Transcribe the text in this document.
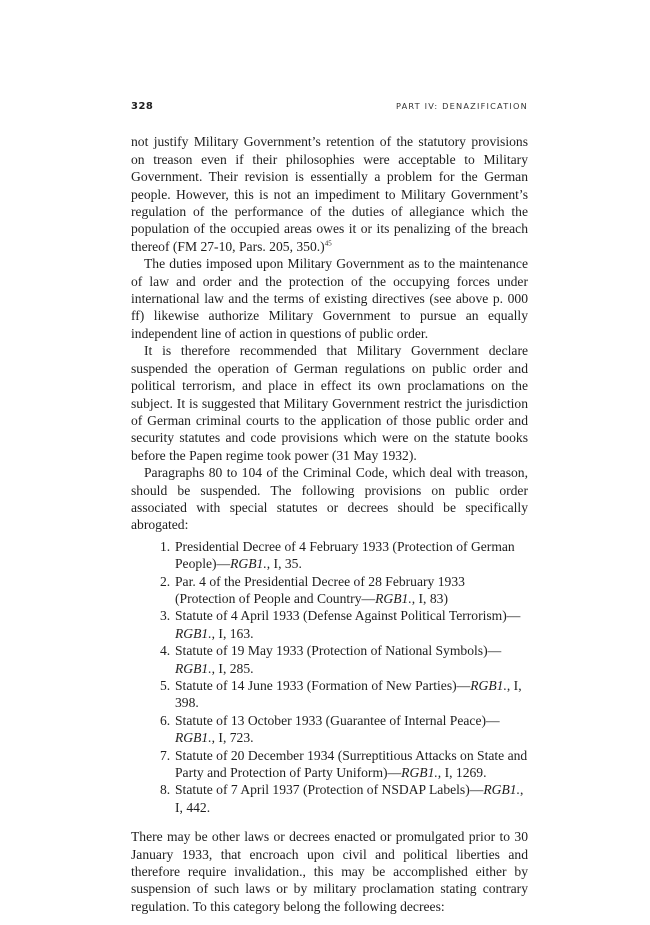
328	PART IV: DENAZIFICATION

not justify Military Government’s retention of the statutory provisions on treason even if their philosophies were acceptable to Military Government. Their revision is essentially a problem for the German people. However, this is not an impediment to Military Government’s regulation of the performance of the duties of allegiance which the population of the occupied areas owes it or its penalizing of the breach thereof (FM 27-10, Pars. 205, 350.)$^{45}$

The duties imposed upon Military Government as to the maintenance of law and order and the protection of the occupying forces under international law and the terms of existing directives (see above p. 000 ff) likewise authorize Military Government to pursue an equally independent line of action in questions of public order.

It is therefore recommended that Military Government declare suspended the operation of German regulations on public order and political terrorism, and place in effect its own proclamations on the subject. It is suggested that Military Government restrict the jurisdiction of German criminal courts to the application of those public order and security statutes and code provisions which were on the statute books before the Papen regime took power (31 May 1932).

Paragraphs 80 to 104 of the Criminal Code, which deal with treason, should be suspended. The following provisions on public order associated with special statutes or decrees should be specifically abrogated:

1. Presidential Decree of 4 February 1933 (Protection of German People)—RGB1., I, 35.
2. Par. 4 of the Presidential Decree of 28 February 1933 (Protection of People and Country—RGB1., I, 83)
3. Statute of 4 April 1933 (Defense Against Political Terrorism)— RGB1., I, 163.
4. Statute of 19 May 1933 (Protection of National Symbols)— RGB1., I, 285.
5. Statute of 14 June 1933 (Formation of New Parties)—RGB1., I, 398.
6. Statute of 13 October 1933 (Guarantee of Internal Peace)— RGB1., I, 723.
7. Statute of 20 December 1934 (Surreptitious Attacks on State and Party and Protection of Party Uniform)—RGB1., I, 1269.
8. Statute of 7 April 1937 (Protection of NSDAP Labels)—RGB1., I, 442.

There may be other laws or decrees enacted or promulgated prior to 30 January 1933, that encroach upon civil and political liberties and therefore require invalidation., this may be accomplished either by suspension of such laws or by military proclamation stating contrary regulation. To this category belong the following decrees:
